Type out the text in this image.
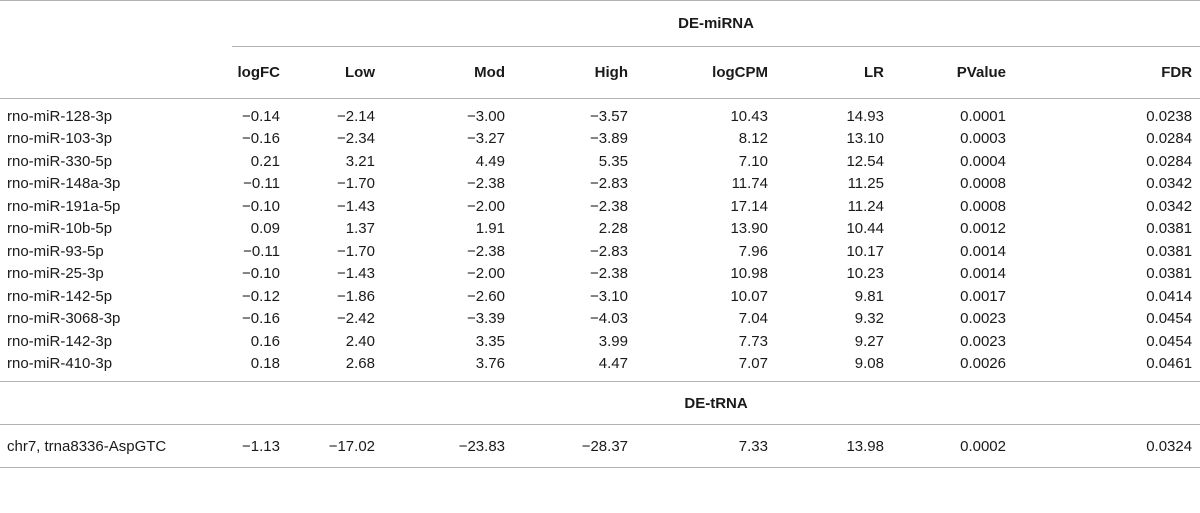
	DE-miRNA							
	logFC	Low	Mod	High	logCPM	LR	PValue	FDR
rno-miR-128-3p	−0.14	−2.14	−3.00	−3.57	10.43	14.93	0.0001	0.0238
rno-miR-103-3p	−0.16	−2.34	−3.27	−3.89	8.12	13.10	0.0003	0.0284
rno-miR-330-5p	0.21	3.21	4.49	5.35	7.10	12.54	0.0004	0.0284
rno-miR-148a-3p	−0.11	−1.70	−2.38	−2.83	11.74	11.25	0.0008	0.0342
rno-miR-191a-5p	−0.10	−1.43	−2.00	−2.38	17.14	11.24	0.0008	0.0342
rno-miR-10b-5p	0.09	1.37	1.91	2.28	13.90	10.44	0.0012	0.0381
rno-miR-93-5p	−0.11	−1.70	−2.38	−2.83	7.96	10.17	0.0014	0.0381
rno-miR-25-3p	−0.10	−1.43	−2.00	−2.38	10.98	10.23	0.0014	0.0381
rno-miR-142-5p	−0.12	−1.86	−2.60	−3.10	10.07	9.81	0.0017	0.0414
rno-miR-3068-3p	−0.16	−2.42	−3.39	−4.03	7.04	9.32	0.0023	0.0454
rno-miR-142-3p	0.16	2.40	3.35	3.99	7.73	9.27	0.0023	0.0454
rno-miR-410-3p	0.18	2.68	3.76	4.47	7.07	9.08	0.0026	0.0461
	DE-tRNA							
chr7, trna8336-AspGTC	−1.13	−17.02	−23.83	−28.37	7.33	13.98	0.0002	0.0324
